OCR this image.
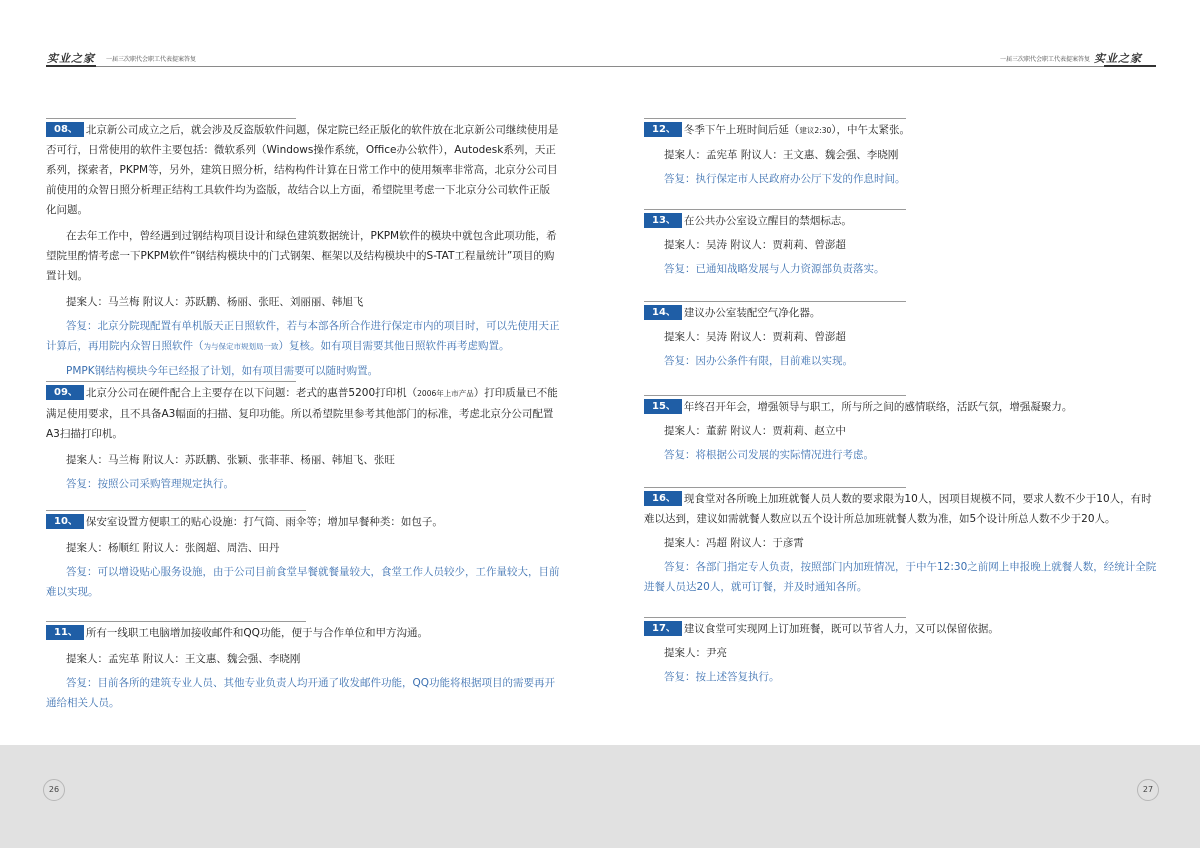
实业之家 一届三次职代会职工代表提案答复
08、 北京新公司成立之后，就会涉及反盗版软件问题，保定院已经正版化的软件放在北京新公司继续使用是否可行，日常使用的软件主要包括：微软系列（Windows操作系统，Office办公软件），Autodesk系列，天正系列，探索者，PKPM等，另外，建筑日照分析，结构构件计算在日常工作中的使用频率非常高，北京分公司目前使用的众智日照分析理正结构工具软件均为盗版，故结合以上方面，希望院里考虑一下北京分公司软件正版化问题。
在去年工作中，曾经遇到过钢结构项目设计和绿色建筑数据统计，PKPM软件的模块中就包含此项功能，希望院里酌情考虑一下PKPM软件“钢结构模块中的门式钢架、框架以及结构模块中的S-TAT工程量统计”项目的购置计划。
提案人：马兰梅 附议人：苏跃鹏、杨丽、张旺、刘丽丽、韩旭飞
答复：北京分院现配置有单机版天正日照软件，若与本部各所合作进行保定市内的项目时，可以先使用天正计算后，再用院内众智日照软件（为与保定市规划局一致）复核。如有项目需要其他日照软件再考虑购置。
PMPK钢结构模块今年已经报了计划，如有项目需要可以随时购置。
09、 北京分公司在硬件配合上主要存在以下问题：老式的惠普5200打印机（2006年上市产品）打印质量已不能满足使用要求，且不具备A3幅面的扫描、复印功能。所以希望院里参考其他部门的标准，考虑北京分公司配置A3扫描打印机。
提案人：马兰梅 附议人：苏跃鹏、张颖、张菲菲、杨丽、韩旭飞、张旺
答复：按照公司采购管理规定执行。
10、 保安室设置方便职工的贴心设施：打气筒、雨伞等；增加早餐种类：如包子。
提案人：杨顺红 附议人：张阁超、周浩、田丹
答复：可以增设贴心服务设施，由于公司目前食堂早餐就餐量较大，食堂工作人员较少，工作量较大，目前难以实现。
11、 所有一线职工电脑增加接收邮件和QQ功能，便于与合作单位和甲方沟通。
提案人：孟宪革 附议人：王文惠、魏会强、李晓刚
答复：目前各所的建筑专业人员、其他专业负责人均开通了收发邮件功能，QQ功能将根据项目的需要再开通给相关人员。
26
一届三次职代会职工代表提案答复 实业之家
12、 冬季下午上班时间后延（建议2:30），中午太紧张。
提案人：孟宪革 附议人：王文惠、魏会强、李晓刚
答复：执行保定市人民政府办公厅下发的作息时间。
13、 在公共办公室设立醒目的禁烟标志。
提案人：吴涛 附议人：贾莉莉、曾澎超
答复：已通知战略发展与人力资源部负责落实。
14、 建议办公室装配空气净化器。
提案人：吴涛 附议人：贾莉莉、曾澎超
答复：因办公条件有限，目前难以实现。
15、 年终召开年会，增强领导与职工，所与所之间的感情联络，活跃气氛，增强凝聚力。
提案人：董薪 附议人：贾莉莉、赵立中
答复：将根据公司发展的实际情况进行考虑。
16、 现食堂对各所晚上加班就餐人员人数的要求限为10人，因项目规模不同，要求人数不少于10人，有时难以达到，建议如需就餐人数应以五个设计所总加班就餐人数为准，如5个设计所总人数不少于20人。
提案人：冯超 附议人：于彦霄
答复：各部门指定专人负责，按照部门内加班情况，于中午12:30之前网上申报晚上就餐人数，经统计全院进餐人员达20人，就可订餐，并及时通知各所。
17、 建议食堂可实现网上订加班餐，既可以节省人力，又可以保留依据。
提案人：尹亮
答复：按上述答复执行。
27
